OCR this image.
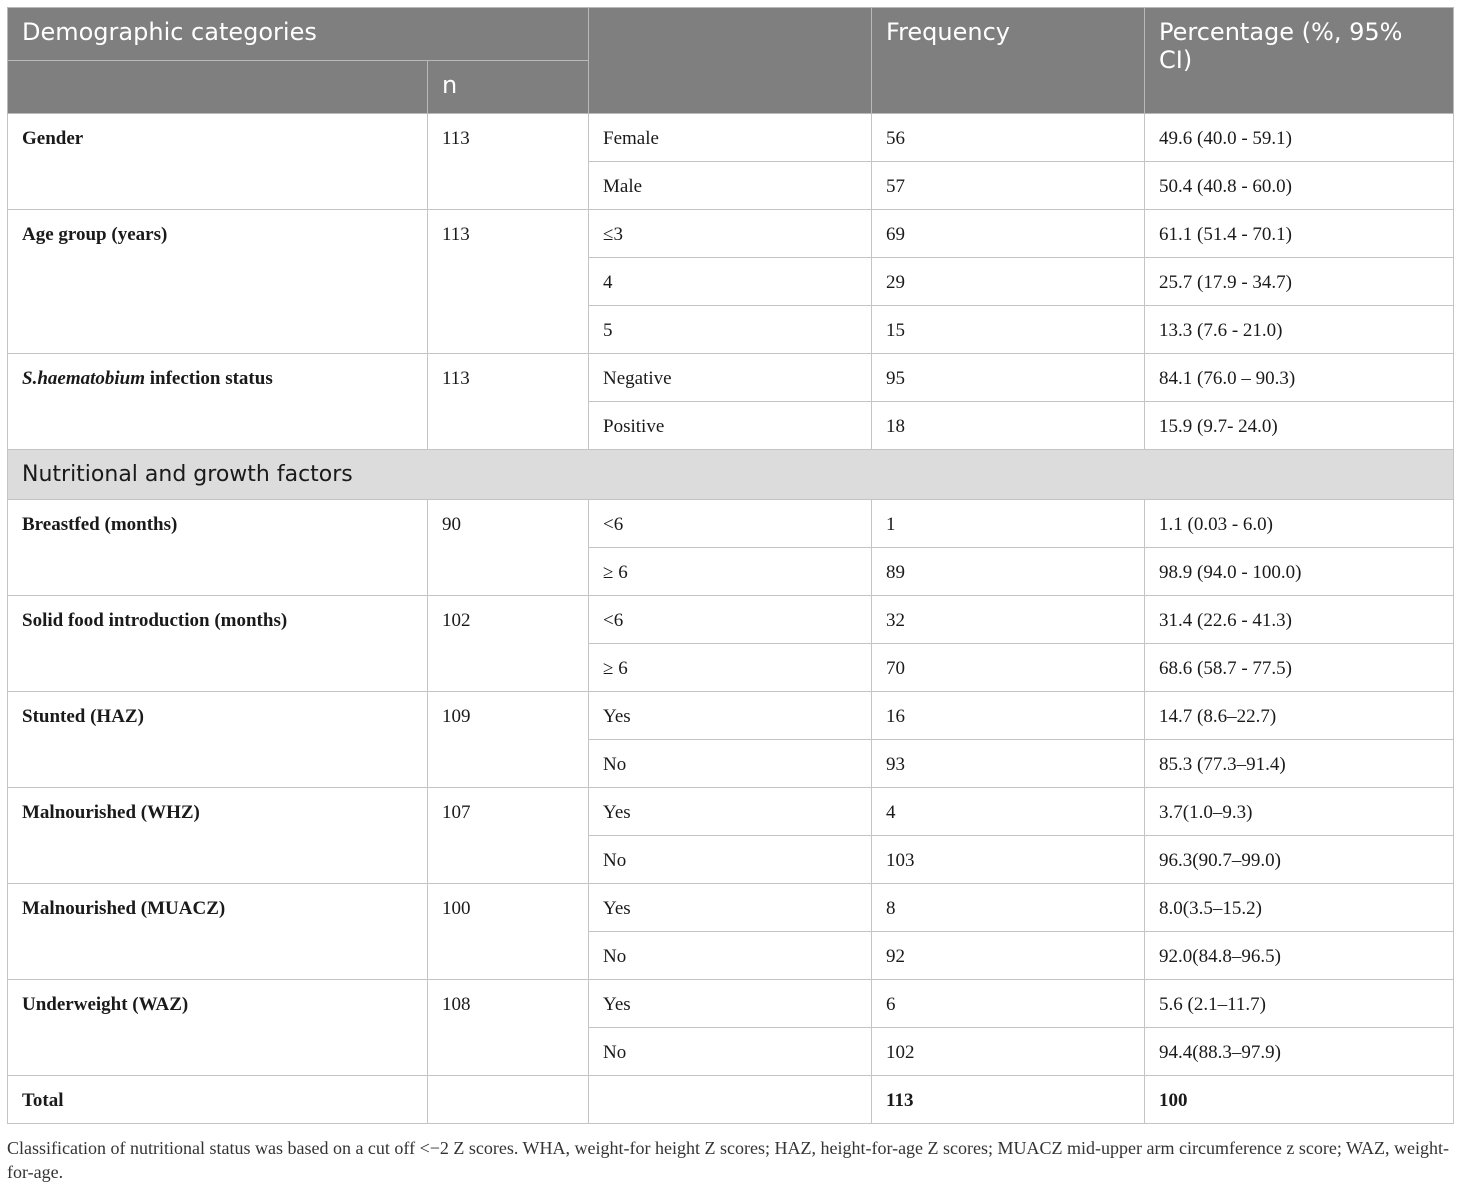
Demographic categories			Frequency	Percentage (%, 95% CI)
	n			
Gender	113	Female	56	49.6 (40.0 - 59.1)
		Male	57	50.4 (40.8 - 60.0)
Age group (years)	113	≤3	69	61.1 (51.4 - 70.1)
		4	29	25.7 (17.9 - 34.7)
		5	15	13.3 (7.6 - 21.0)
S.haematobium infection status	113	Negative	95	84.1 (76.0 – 90.3)
		Positive	18	15.9 (9.7- 24.0)
Nutritional and growth factors				
Breastfed (months)	90	<6	1	1.1 (0.03 - 6.0)
		≥ 6	89	98.9 (94.0 - 100.0)
Solid food introduction (months)	102	<6	32	31.4 (22.6 - 41.3)
		≥ 6	70	68.6 (58.7 - 77.5)
Stunted (HAZ)	109	Yes	16	14.7 (8.6–22.7)
		No	93	85.3 (77.3–91.4)
Malnourished (WHZ)	107	Yes	4	3.7(1.0–9.3)
		No	103	96.3(90.7–99.0)
Malnourished (MUACZ)	100	Yes	8	8.0(3.5–15.2)
		No	92	92.0(84.8–96.5)
Underweight (WAZ)	108	Yes	6	5.6 (2.1–11.7)
		No	102	94.4(88.3–97.9)
Total			113	100
Classification of nutritional status was based on a cut off <−2 Z scores. WHA, weight-for height Z scores; HAZ, height-for-age Z scores; MUACZ mid-upper arm circumference z score; WAZ, weight-for-age.
